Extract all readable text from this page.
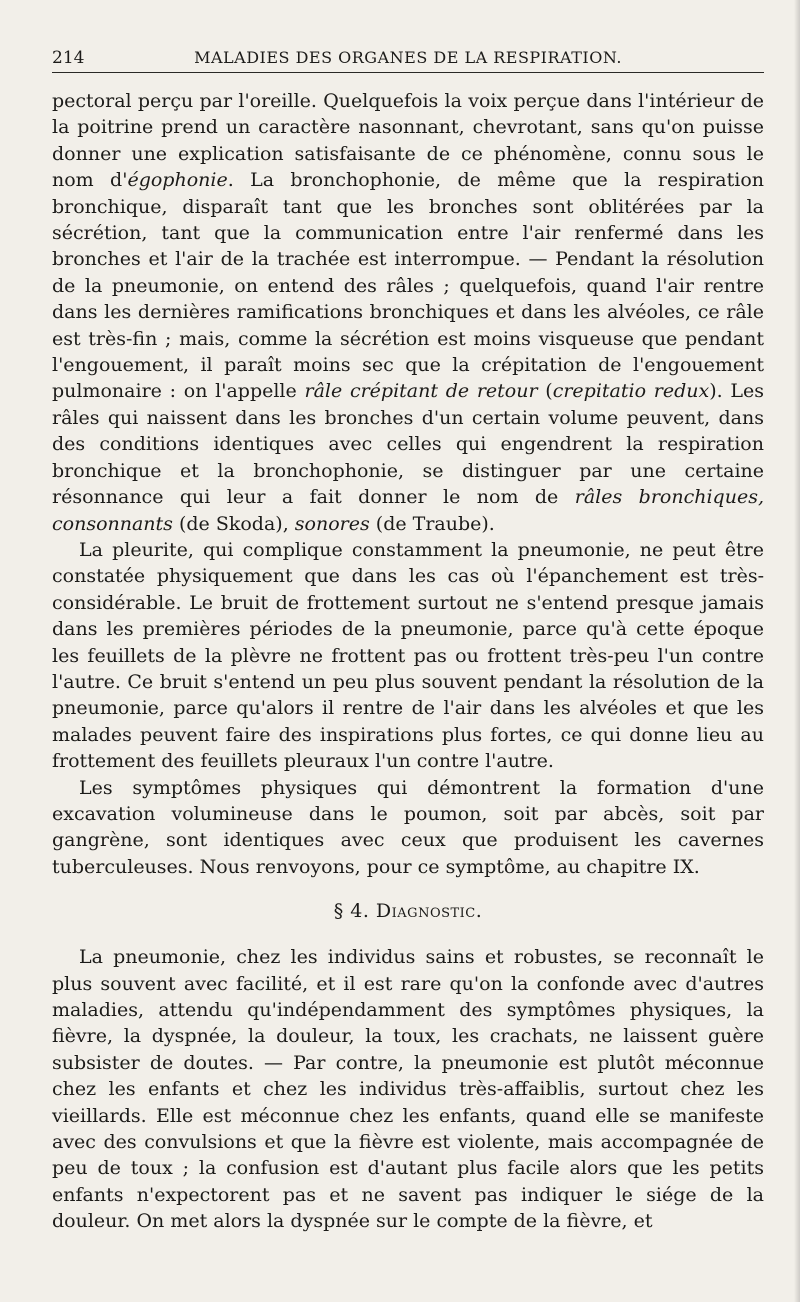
214	MALADIES DES ORGANES DE LA RESPIRATION.

pectoral perçu par l'oreille. Quelquefois la voix perçue dans l'intérieur de la poitrine prend un caractère nasonnant, chevrotant, sans qu'on puisse donner une explication satisfaisante de ce phénomène, connu sous le nom d'égophonie. La bronchophonie, de même que la respiration bronchique, disparaît tant que les bronches sont oblitérées par la sécrétion, tant que la communication entre l'air renfermé dans les bronches et l'air de la trachée est interrompue. — Pendant la résolution de la pneumonie, on entend des râles ; quelquefois, quand l'air rentre dans les dernières ramifications bronchiques et dans les alvéoles, ce râle est très-fin ; mais, comme la sécrétion est moins visqueuse que pendant l'engouement, il paraît moins sec que la crépitation de l'engouement pulmonaire : on l'appelle râle crépitant de retour (crepitatio redux). Les râles qui naissent dans les bronches d'un certain volume peuvent, dans des conditions identiques avec celles qui engendrent la respiration bronchique et la bronchophonie, se distinguer par une certaine résonnance qui leur a fait donner le nom de râles bronchiques, consonnants (de Skoda), sonores (de Traube).

La pleurite, qui complique constamment la pneumonie, ne peut être constatée physiquement que dans les cas où l'épanchement est très-considérable. Le bruit de frottement surtout ne s'entend presque jamais dans les premières périodes de la pneumonie, parce qu'à cette époque les feuillets de la plèvre ne frottent pas ou frottent très-peu l'un contre l'autre. Ce bruit s'entend un peu plus souvent pendant la résolution de la pneumonie, parce qu'alors il rentre de l'air dans les alvéoles et que les malades peuvent faire des inspirations plus fortes, ce qui donne lieu au frottement des feuillets pleuraux l'un contre l'autre.

Les symptômes physiques qui démontrent la formation d'une excavation volumineuse dans le poumon, soit par abcès, soit par gangrène, sont identiques avec ceux que produisent les cavernes tuberculeuses. Nous renvoyons, pour ce symptôme, au chapitre IX.

§ 4. Diagnostic.

La pneumonie, chez les individus sains et robustes, se reconnaît le plus souvent avec facilité, et il est rare qu'on la confonde avec d'autres maladies, attendu qu'indépendamment des symptômes physiques, la fièvre, la dyspnée, la douleur, la toux, les crachats, ne laissent guère subsister de doutes. — Par contre, la pneumonie est plutôt méconnue chez les enfants et chez les individus très-affaiblis, surtout chez les vieillards. Elle est méconnue chez les enfants, quand elle se manifeste avec des convulsions et que la fièvre est violente, mais accompagnée de peu de toux ; la confusion est d'autant plus facile alors que les petits enfants n'expectorent pas et ne savent pas indiquer le siége de la douleur. On met alors la dyspnée sur le compte de la fièvre, et
